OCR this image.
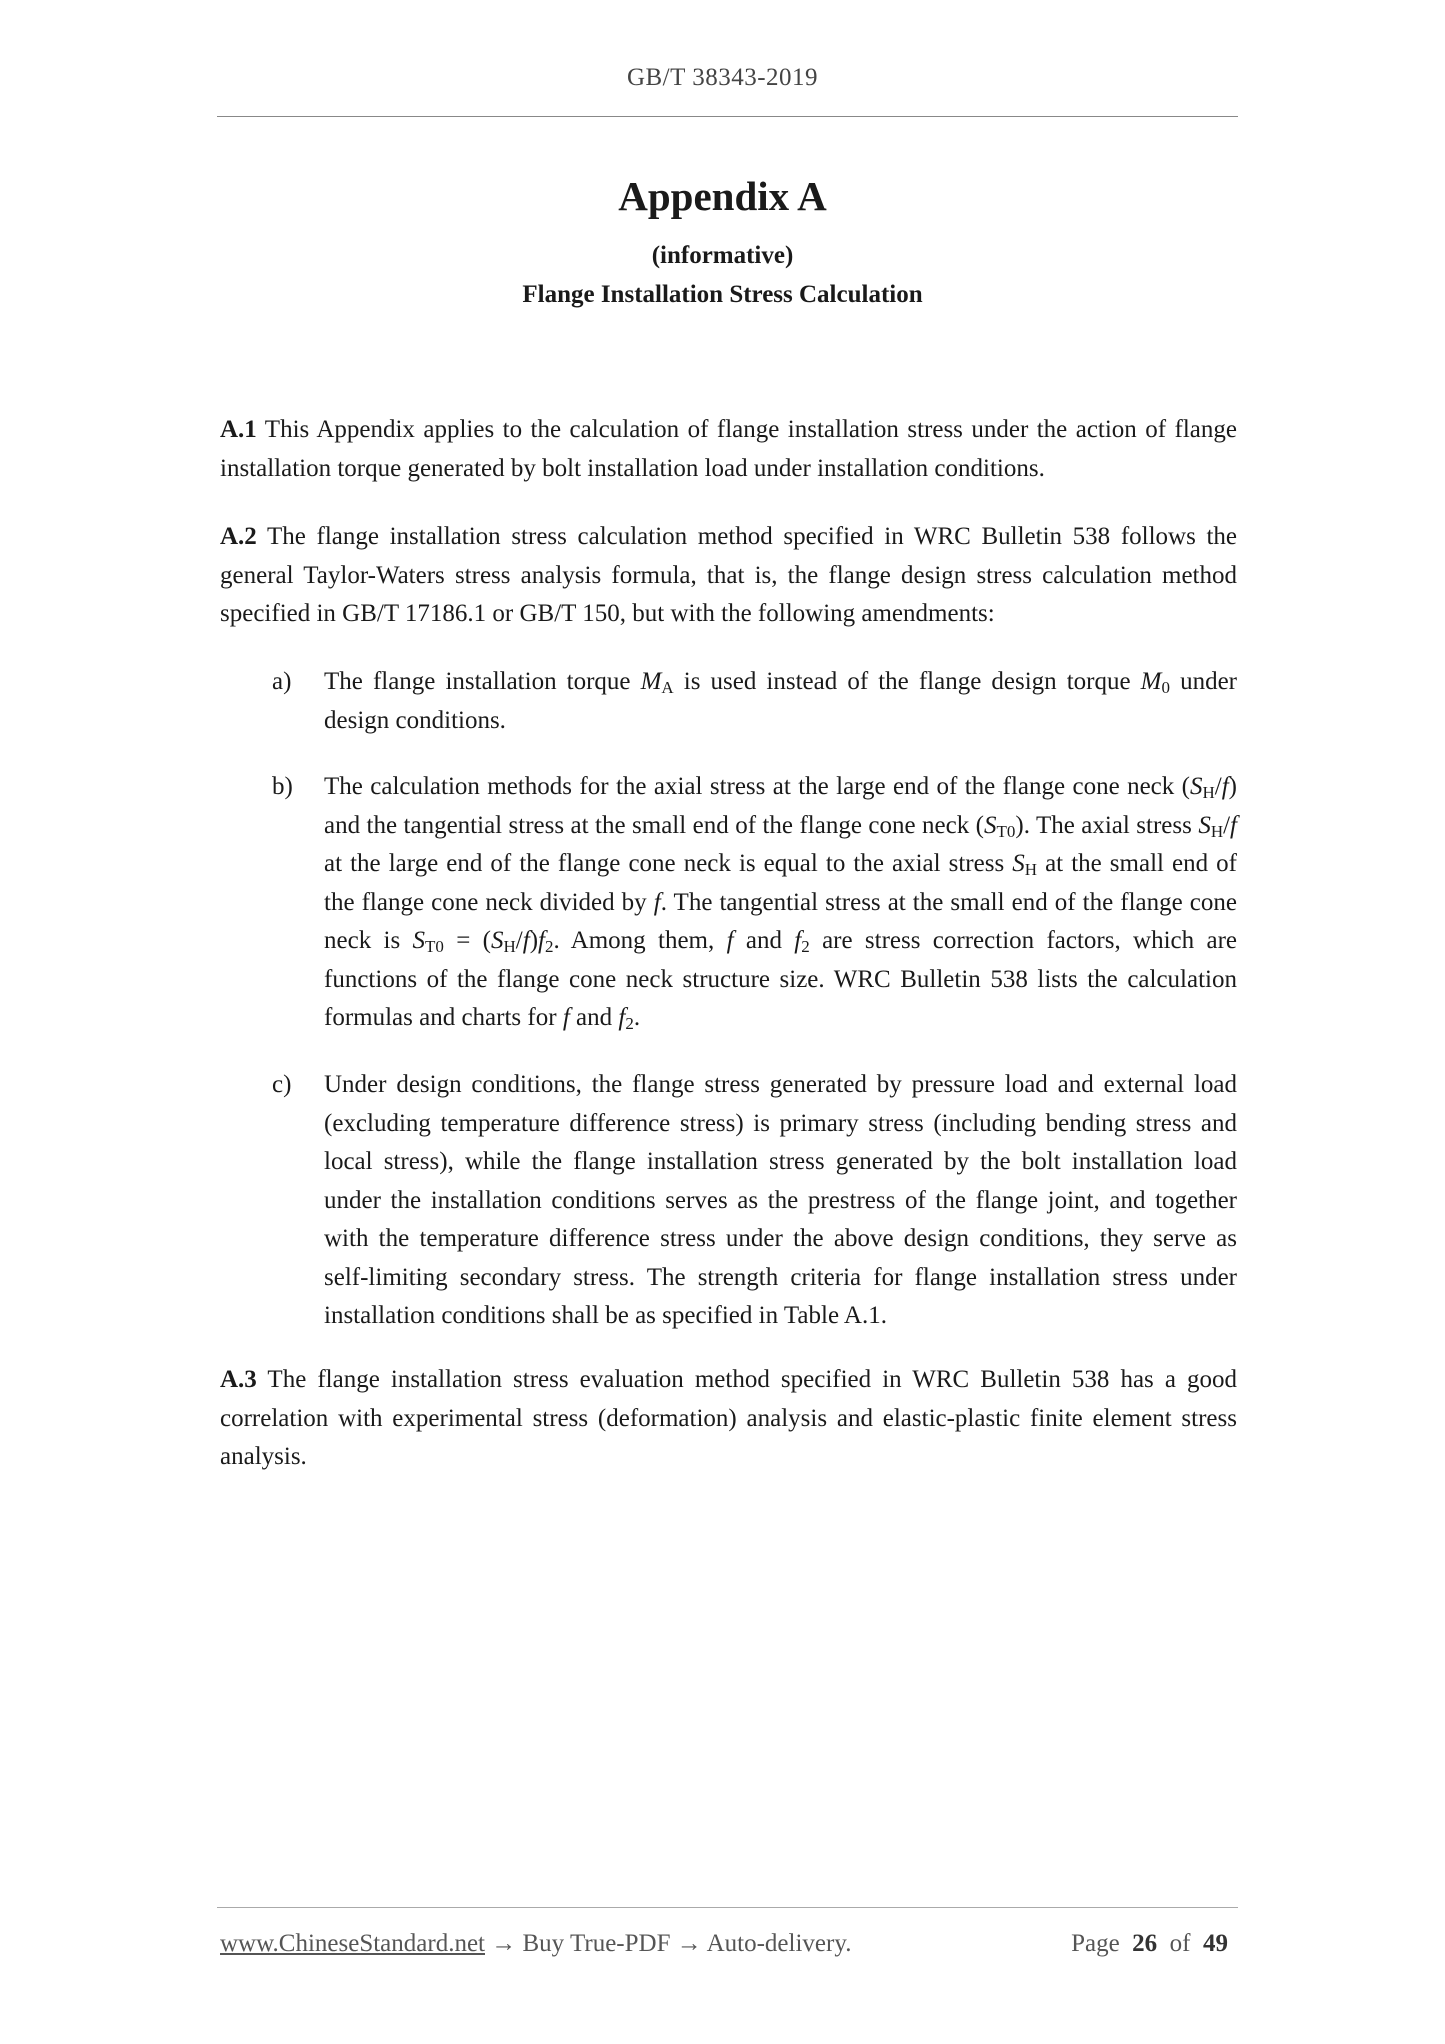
GB/T 38343-2019
Appendix A
(informative)
Flange Installation Stress Calculation

A.1 This Appendix applies to the calculation of flange installation stress under the action of flange installation torque generated by bolt installation load under installation conditions.

A.2 The flange installation stress calculation method specified in WRC Bulletin 538 follows the general Taylor-Waters stress analysis formula, that is, the flange design stress calculation method specified in GB/T 17186.1 or GB/T 150, but with the following amendments:

a) The flange installation torque $M_A$ is used instead of the flange design torque $M_0$ under design conditions.
b) The calculation methods for the axial stress at the large end of the flange cone neck $(S_H/f)$ and the tangential stress at the small end of the flange cone neck $(S_{T0})$. The axial stress $S_H/f$ at the large end of the flange cone neck is equal to the axial stress $S_H$ at the small end of the flange cone neck divided by f. The tangential stress at the small end of the flange cone neck is $S_{T0} = (S_H/f)f_2$. Among them, f and $f_2$ are stress correction factors, which are functions of the flange cone neck structure size. WRC Bulletin 538 lists the calculation formulas and charts for f and $f_2$.
c) Under design conditions, the flange stress generated by pressure load and external load (excluding temperature difference stress) is primary stress (including bending stress and local stress), while the flange installation stress generated by the bolt installation load under the installation conditions serves as the prestress of the flange joint, and together with the temperature difference stress under the above design conditions, they serve as self-limiting secondary stress. The strength criteria for flange installation stress under installation conditions shall be as specified in Table A.1.

A.3 The flange installation stress evaluation method specified in WRC Bulletin 538 has a good correlation with experimental stress (deformation) analysis and elastic-plastic finite element stress analysis.

www.ChineseStandard.net → Buy True-PDF → Auto-delivery.	Page 26 of 49
